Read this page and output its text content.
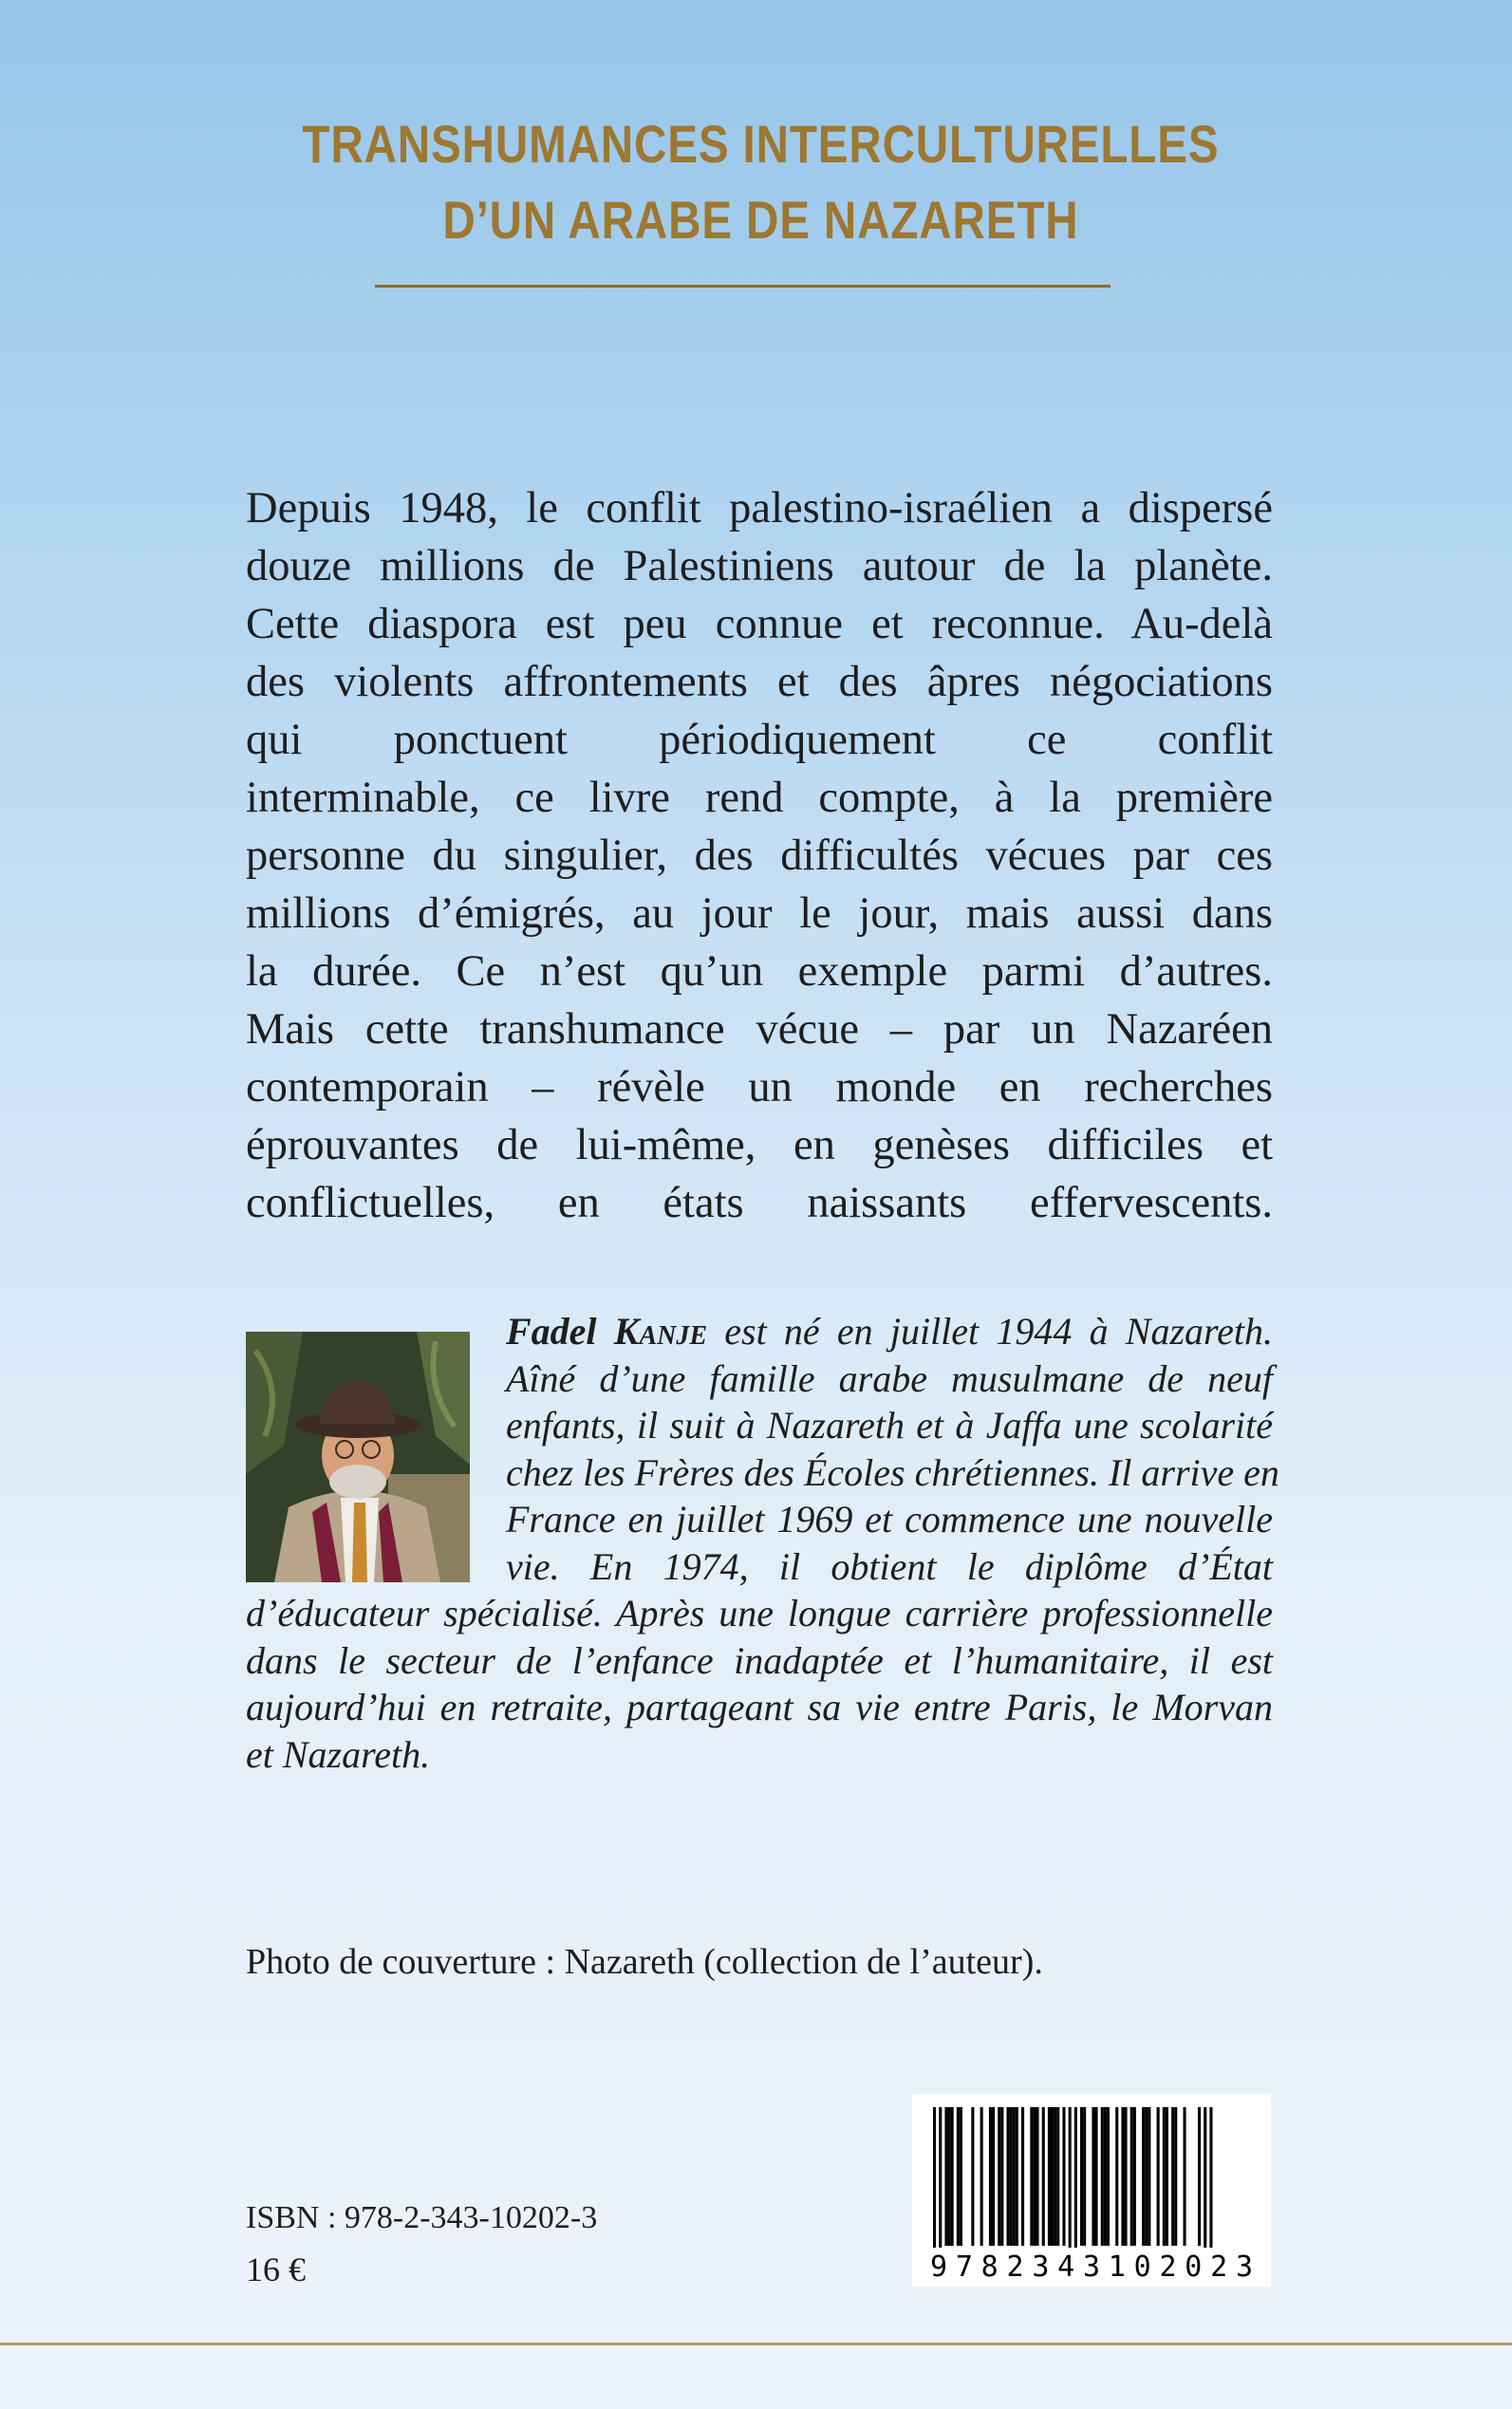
TRANSHUMANCES INTERCULTURELLES
D’UN ARABE DE NAZARETH
Depuis 1948, le conflit palestino-israélien a dispersé
douze millions de Palestiniens autour de la planète.
Cette diaspora est peu connue et reconnue. Au-delà
des violents affrontements et des âpres négociations
qui ponctuent périodiquement ce conflit
interminable, ce livre rend compte, à la première
personne du singulier, des difficultés vécues par ces
millions d’émigrés, au jour le jour, mais aussi dans
la durée. Ce n’est qu’un exemple parmi d’autres.
Mais cette transhumance vécue – par un Nazaréen
contemporain – révèle un monde en recherches
éprouvantes de lui-même, en genèses difficiles et
conflictuelles, en états naissants effervescents.
Fadel Kanje est né en juillet 1944 à Nazareth.
Aîné d’une famille arabe musulmane de neuf
enfants, il suit à Nazareth et à Jaffa une scolarité
chez les Frères des Écoles chrétiennes. Il arrive en
France en juillet 1969 et commence une nouvelle
vie. En 1974, il obtient le diplôme d’État
d’éducateur spécialisé. Après une longue carrière professionnelle
dans le secteur de l’enfance inadaptée et l’humanitaire, il est
aujourd’hui en retraite, partageant sa vie entre Paris, le Morvan
et Nazareth.
Photo de couverture : Nazareth (collection de l’auteur).
9782343102023
ISBN : 978-2-343-10202-3
16 €
